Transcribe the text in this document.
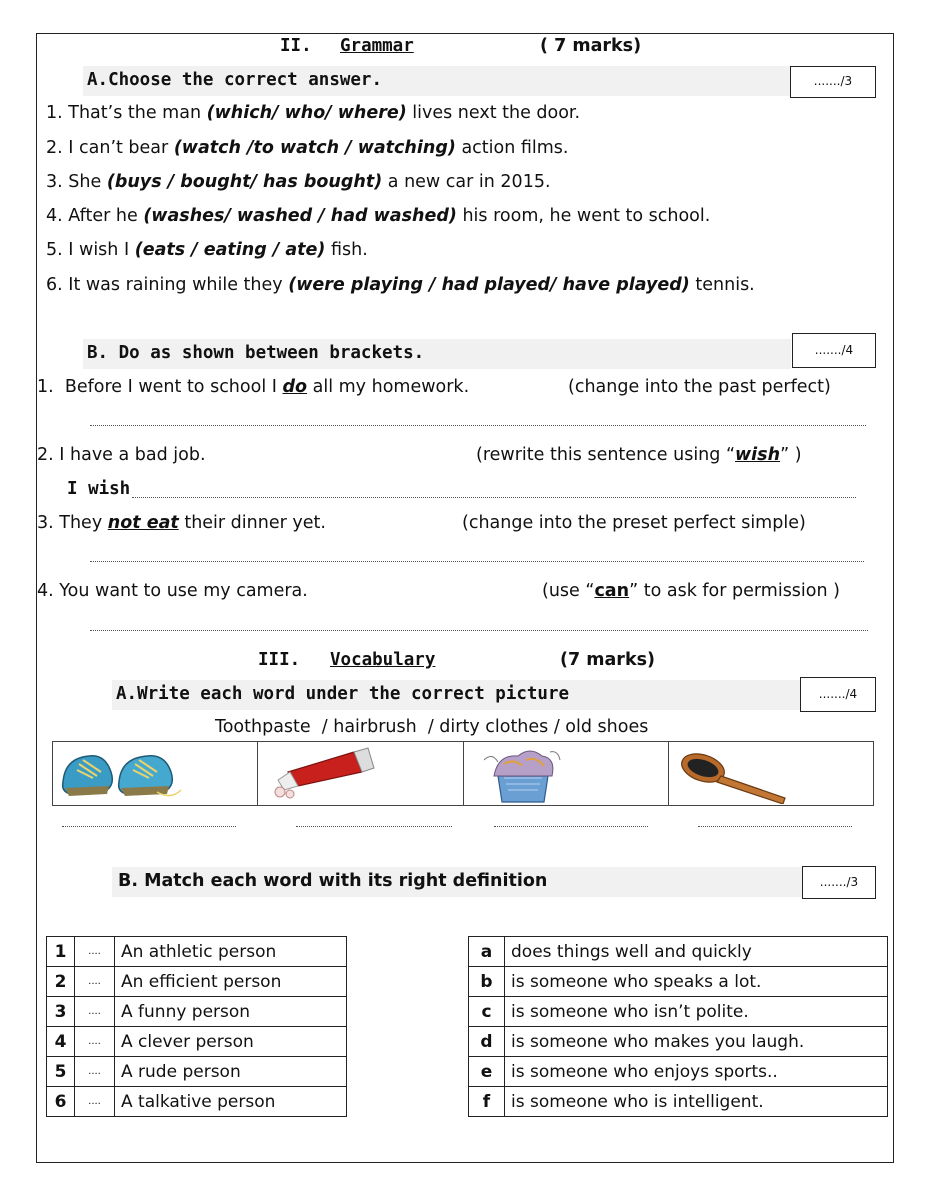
II. Grammar	( 7 marks)
A.Choose the correct answer.	......./3
1. That’s the man (which/ who/ where) lives next the door.
2. I can’t bear (watch /to watch / watching) action films.
3. She (buys / bought/ has bought) a new car in 2015.
4. After he (washes/ washed / had washed) his room, he went to school.
5. I wish I (eats / eating / ate) fish.
6. It was raining while they (were playing / had played/ have played) tennis.
B. Do as shown between brackets.	......./4
1. Before I went to school I do all my homework.	(change into the past perfect)
2. I have a bad job.	(rewrite this sentence using “wish” )
I wish
3. They not eat their dinner yet.	(change into the preset perfect simple)
4. You want to use my camera.	(use “can” to ask for permission )
III. Vocabulary	(7 marks)
A.Write each word under the correct picture	......./4
Toothpaste  / hairbrush  / dirty clothes / old shoes
B. Match each word with its right definition	......./3
1	....	An athletic person
2	....	An efficient person
3	....	A funny person
4	....	A clever person
5	....	A rude person
6	....	A talkative person
a	does things well and quickly
b	is someone who speaks a lot.
c	is someone who isn’t polite.
d	is someone who makes you laugh.
e	is someone who enjoys sports..
f	is someone who is intelligent.
